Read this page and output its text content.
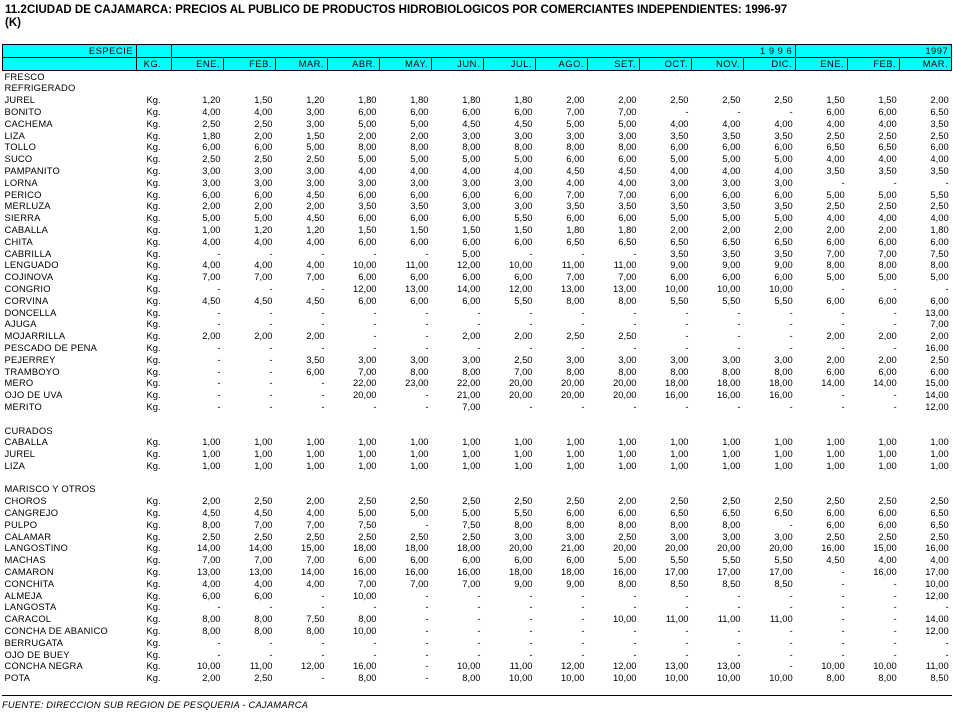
11.2CIUDAD DE CAJAMARCA: PRECIOS AL PUBLICO DE PRODUCTOS HIDROBIOLOGICOS POR COMERCIANTES INDEPENDIENTES: 1996-97
(K)
ESPECIE		1 9 9 6												1997		
	KG.	ENE.	FEB.	MAR.	ABR.	MAY.	JUN.	JUL.	AGO.	SET.	OCT.	NOV.	DIC.	ENE.	FEB.	MAR.
FRESCO																
REFRIGERADO																
JUREL	Kg.	1,20	1,50	1,20	1,80	1,80	1,80	1,80	2,00	2,00	2,50	2,50	2,50	1,50	1,50	2,00
BONITO	Kg.	4,00	4,00	3,00	6,00	6,00	6,00	6,00	7,00	7,00	-	-	-	6,00	6,00	6,50
CACHEMA	Kg.	2,50	2,50	3,00	5,00	5,00	4,50	4,50	5,00	5,00	4,00	4,00	4,00	4,00	4,00	3,50
LIZA	Kg.	1,80	2,00	1,50	2,00	2,00	3,00	3,00	3,00	3,00	3,50	3,50	3,50	2,50	2,50	2,50
TOLLO	Kg.	6,00	6,00	5,00	8,00	8,00	8,00	8,00	8,00	8,00	6,00	6,00	6,00	6,50	6,50	6,00
SUCO	Kg.	2,50	2,50	2,50	5,00	5,00	5,00	5,00	6,00	6,00	5,00	5,00	5,00	4,00	4,00	4,00
PAMPANITO	Kg.	3,00	3,00	3,00	4,00	4,00	4,00	4,00	4,50	4,50	4,00	4,00	4,00	3,50	3,50	3,50
LORNA	Kg.	3,00	3,00	3,00	3,00	3,00	3,00	3,00	4,00	4,00	3,00	3,00	3,00	-	-	-
PERICO	Kg.	6,00	6,00	4,50	6,00	6,00	6,00	6,00	7,00	7,00	6,00	6,00	6,00	5,00	5,00	5,50
MERLUZA	Kg.	2,00	2,00	2,00	3,50	3,50	3,00	3,00	3,50	3,50	3,50	3,50	3,50	2,50	2,50	2,50
SIERRA	Kg.	5,00	5,00	4,50	6,00	6,00	6,00	5,50	6,00	6,00	5,00	5,00	5,00	4,00	4,00	4,00
CABALLA	Kg.	1,00	1,20	1,20	1,50	1,50	1,50	1,50	1,80	1,80	2,00	2,00	2,00	2,00	2,00	1,80
CHITA	Kg.	4,00	4,00	4,00	6,00	6,00	6,00	6,00	6,50	6,50	6,50	6,50	6,50	6,00	6,00	6,00
CABRILLA	Kg.	-	-	-	-	-	5,00	-	-	-	3,50	3,50	3,50	7,00	7,00	7,50
LENGUADO	Kg.	4,00	4,00	4,00	10,00	11,00	12,00	10,00	11,00	11,00	9,00	9,00	9,00	8,00	8,00	8,00
COJINOVA	Kg.	7,00	7,00	7,00	6,00	6,00	6,00	6,00	7,00	7,00	6,00	6,00	6,00	5,00	5,00	5,00
CONGRIO	Kg.	-	-	-	12,00	13,00	14,00	12,00	13,00	13,00	10,00	10,00	10,00	-	-	-
CORVINA	Kg.	4,50	4,50	4,50	6,00	6,00	6,00	5,50	8,00	8,00	5,50	5,50	5,50	6,00	6,00	6,00
DONCELLA	Kg.	-	-	-	-	-	-	-	-	-	-	-	-	-	-	13,00
AJUGA	Kg.	-	-	-	-	-	-	-	-	-	-	-	-	-	-	7,00
MOJARRILLA	Kg.	2,00	2,00	2,00	-	-	2,00	2,00	2,50	2,50	-	-	-	2,00	2,00	2,00
PESCADO DE PENA	Kg.	-	-	-	-	-	-	-	-	-	-	-	-	-	-	16,00
PEJERREY	Kg.	-	-	3,50	3,00	3,00	3,00	2,50	3,00	3,00	3,00	3,00	3,00	2,00	2,00	2,50
TRAMBOYO	Kg.	-	-	6,00	7,00	8,00	8,00	7,00	8,00	8,00	8,00	8,00	8,00	6,00	6,00	6,00
MERO	Kg.	-	-	-	22,00	23,00	22,00	20,00	20,00	20,00	18,00	18,00	18,00	14,00	14,00	15,00
OJO DE UVA	Kg.	-	-	-	20,00	-	21,00	20,00	20,00	20,00	16,00	16,00	16,00	-	-	14,00
MERITO	Kg.	-	-	-	-	-	7,00	-	-	-	-	-	-	-	-	12,00

CURADOS																
CABALLA	Kg.	1,00	1,00	1,00	1,00	1,00	1,00	1,00	1,00	1,00	1,00	1,00	1,00	1,00	1,00	1,00
JUREL	Kg.	1,00	1,00	1,00	1,00	1,00	1,00	1,00	1,00	1,00	1,00	1,00	1,00	1,00	1,00	1,00
LIZA	Kg.	1,00	1,00	1,00	1,00	1,00	1,00	1,00	1,00	1,00	1,00	1,00	1,00	1,00	1,00	1,00

MARISCO Y OTROS																
CHOROS	Kg.	2,00	2,50	2,00	2,50	2,50	2,50	2,50	2,50	2,00	2,50	2,50	2,50	2,50	2,50	2,50
CANGREJO	Kg.	4,50	4,50	4,00	5,00	5,00	5,00	5,50	6,00	6,00	6,50	6,50	6,50	6,00	6,00	6,50
PULPO	Kg.	8,00	7,00	7,00	7,50	-	7,50	8,00	8,00	8,00	8,00	8,00	-	6,00	6,00	6,50
CALAMAR	Kg.	2,50	2,50	2,50	2,50	2,50	2,50	3,00	3,00	2,50	3,00	3,00	3,00	2,50	2,50	2,50
LANGOSTINO	Kg.	14,00	14,00	15,00	18,00	18,00	18,00	20,00	21,00	20,00	20,00	20,00	20,00	16,00	15,00	16,00
MACHAS	Kg.	7,00	7,00	7,00	6,00	6,00	6,00	6,00	6,00	5,00	5,50	5,50	5,50	4,50	4,00	4,00
CAMARON	Kg.	13,00	13,00	14,00	16,00	16,00	16,00	18,00	18,00	16,00	17,00	17,00	17,00	-	16,00	17,00
CONCHITA	Kg.	4,00	4,00	4,00	7,00	7,00	7,00	9,00	9,00	8,00	8,50	8,50	8,50	-	-	10,00
ALMEJA	Kg.	6,00	6,00	-	10,00	-	-	-	-	-	-	-	-	-	-	12,00
LANGOSTA	Kg.	-	-	-	-	-	-	-	-	-	-	-	-	-	-	-
CARACOL	Kg.	8,00	8,00	7,50	8,00	-	-	-	-	10,00	11,00	11,00	11,00	-	-	14,00
CONCHA DE ABANICO	Kg.	8,00	8,00	8,00	10,00	-	-	-	-	-	-	-	-	-	-	12,00
BERRUGATA	Kg.	-	-	-	-	-	-	-	-	-	-	-	-	-	-	-
OJO DE BUEY	Kg.	-	-	-	-	-	-	-	-	-	-	-	-	-	-	-
CONCHA NEGRA	Kg.	10,00	11,00	12,00	16,00	-	10,00	11,00	12,00	12,00	13,00	13,00	-	10,00	10,00	11,00
POTA	Kg.	2,00	2,50	-	8,00	-	8,00	10,00	10,00	10,00	10,00	10,00	10,00	8,00	8,00	8,50
FUENTE: DIRECCION SUB REGION DE PESQUERIA - CAJAMARCA
